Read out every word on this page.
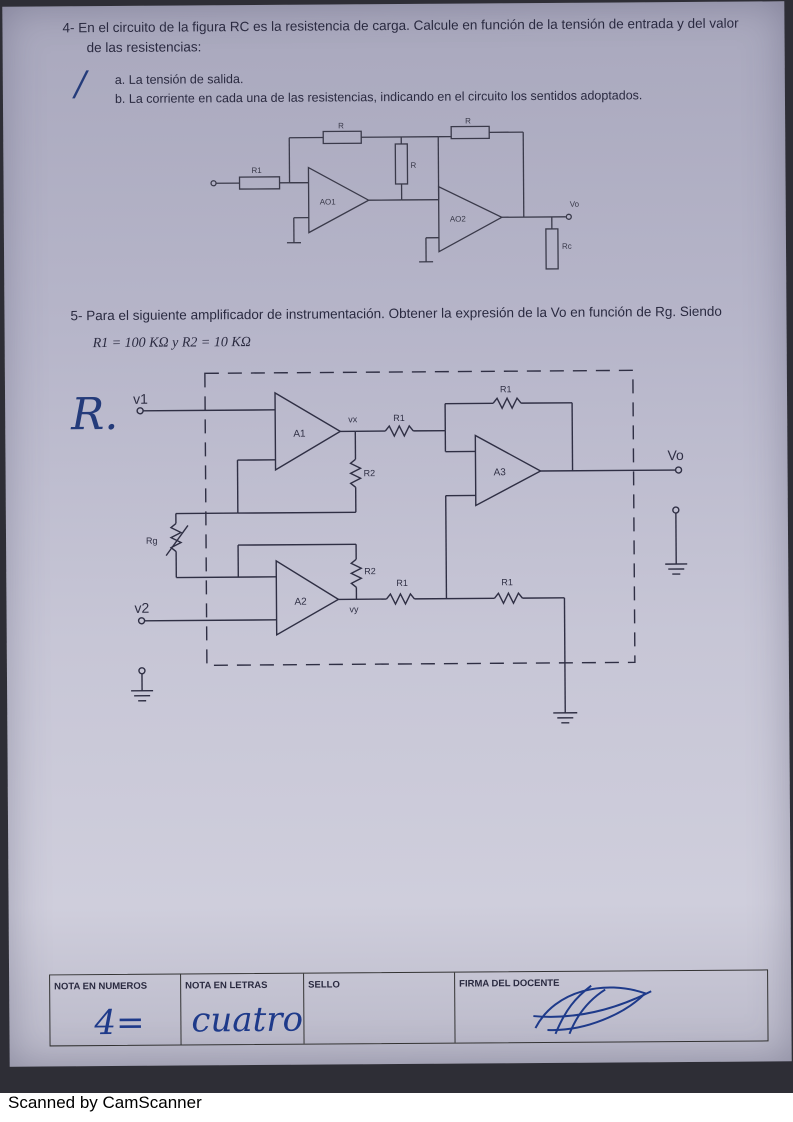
4- En el circuito de la figura RC es la resistencia de carga. Calcule en función de la tensión de entrada y del valor
de las resistencias:
a. La tensión de salida.
b. La corriente en cada una de las resistencias, indicando en el circuito los sentidos adoptados.
/
R
R
R1
R
AO1
AO2
Vo
Rc
5- Para el siguiente amplificador de instrumentación. Obtener la expresión de la Vo en función de Rg. Siendo
R1 = 100 KΩ y R2 = 10 KΩ
R. v1
v2
Vo
A1
A2
A3
vx
vy
R1
R1
R1	R1
R2
R2
Rg
NOTA EN NUMEROS
4=
NOTA EN LETRAS
cuatro
SELLO	FIRMA DEL DOCENTE
Scanned by CamScanner
